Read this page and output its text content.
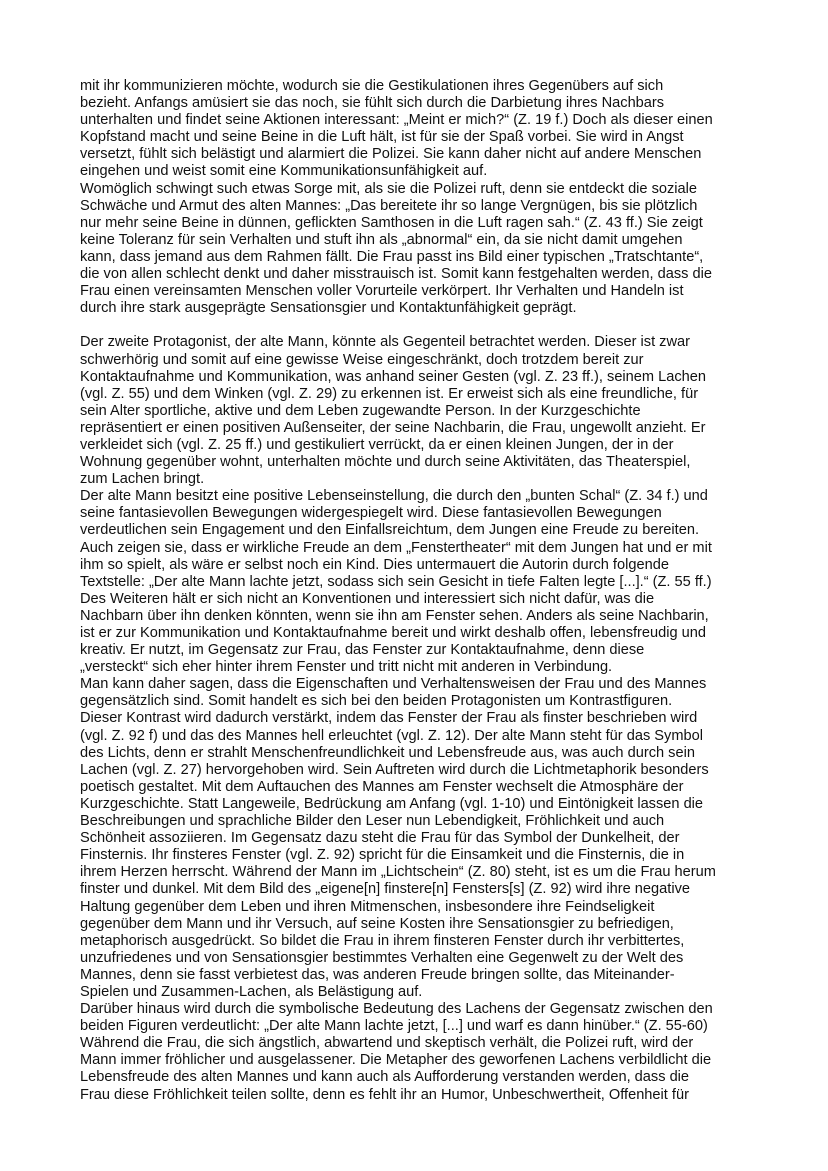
mit ihr kommunizieren möchte, wodurch sie die Gestikulationen ihres Gegenübers auf sich
bezieht. Anfangs amüsiert sie das noch, sie fühlt sich durch die Darbietung ihres Nachbars
unterhalten und findet seine Aktionen interessant: „Meint er mich?“ (Z. 19 f.) Doch als dieser einen
Kopfstand macht und seine Beine in die Luft hält, ist für sie der Spaß vorbei. Sie wird in Angst
versetzt, fühlt sich belästigt und alarmiert die Polizei. Sie kann daher nicht auf andere Menschen
eingehen und weist somit eine Kommunikationsunfähigkeit auf.

Womöglich schwingt such etwas Sorge mit, als sie die Polizei ruft, denn sie entdeckt die soziale
Schwäche und Armut des alten Mannes: „Das bereitete ihr so lange Vergnügen, bis sie plötzlich
nur mehr seine Beine in dünnen, geflickten Samthosen in die Luft ragen sah.“ (Z. 43 ff.) Sie zeigt
keine Toleranz für sein Verhalten und stuft ihn als „abnormal“ ein, da sie nicht damit umgehen
kann, dass jemand aus dem Rahmen fällt. Die Frau passt ins Bild einer typischen „Tratschtante“,
die von allen schlecht denkt und daher misstrauisch ist. Somit kann festgehalten werden, dass die
Frau einen vereinsamten Menschen voller Vorurteile verkörpert. Ihr Verhalten und Handeln ist
durch ihre stark ausgeprägte Sensationsgier und Kontaktunfähigkeit geprägt.

Der zweite Protagonist, der alte Mann, könnte als Gegenteil betrachtet werden. Dieser ist zwar
schwerhörig und somit auf eine gewisse Weise eingeschränkt, doch trotzdem bereit zur
Kontaktaufnahme und Kommunikation, was anhand seiner Gesten (vgl. Z. 23 ff.), seinem Lachen
(vgl. Z. 55) und dem Winken (vgl. Z. 29) zu erkennen ist. Er erweist sich als eine freundliche, für
sein Alter sportliche, aktive und dem Leben zugewandte Person. In der Kurzgeschichte
repräsentiert er einen positiven Außenseiter, der seine Nachbarin, die Frau, ungewollt anzieht. Er
verkleidet sich (vgl. Z. 25 ff.) und gestikuliert verrückt, da er einen kleinen Jungen, der in der
Wohnung gegenüber wohnt, unterhalten möchte und durch seine Aktivitäten, das Theaterspiel,
zum Lachen bringt.

Der alte Mann besitzt eine positive Lebenseinstellung, die durch den „bunten Schal“ (Z. 34 f.) und
seine fantasievollen Bewegungen widergespiegelt wird. Diese fantasievollen Bewegungen
verdeutlichen sein Engagement und den Einfallsreichtum, dem Jungen eine Freude zu bereiten.
Auch zeigen sie, dass er wirkliche Freude an dem „Fenstertheater“ mit dem Jungen hat und er mit
ihm so spielt, als wäre er selbst noch ein Kind. Dies untermauert die Autorin durch folgende
Textstelle: „Der alte Mann lachte jetzt, sodass sich sein Gesicht in tiefe Falten legte [...].“ (Z. 55 ff.)
Des Weiteren hält er sich nicht an Konventionen und interessiert sich nicht dafür, was die
Nachbarn über ihn denken könnten, wenn sie ihn am Fenster sehen. Anders als seine Nachbarin,
ist er zur Kommunikation und Kontaktaufnahme bereit und wirkt deshalb offen, lebensfreudig und
kreativ. Er nutzt, im Gegensatz zur Frau, das Fenster zur Kontaktaufnahme, denn diese
„versteckt“ sich eher hinter ihrem Fenster und tritt nicht mit anderen in Verbindung.

Man kann daher sagen, dass die Eigenschaften und Verhaltensweisen der Frau und des Mannes
gegensätzlich sind. Somit handelt es sich bei den beiden Protagonisten um Kontrastfiguren.
Dieser Kontrast wird dadurch verstärkt, indem das Fenster der Frau als finster beschrieben wird
(vgl. Z. 92 f) und das des Mannes hell erleuchtet (vgl. Z. 12). Der alte Mann steht für das Symbol
des Lichts, denn er strahlt Menschenfreundlichkeit und Lebensfreude aus, was auch durch sein
Lachen (vgl. Z. 27) hervorgehoben wird. Sein Auftreten wird durch die Lichtmetaphorik besonders
poetisch gestaltet. Mit dem Auftauchen des Mannes am Fenster wechselt die Atmosphäre der
Kurzgeschichte. Statt Langeweile, Bedrückung am Anfang (vgl. 1-10) und Eintönigkeit lassen die
Beschreibungen und sprachliche Bilder den Leser nun Lebendigkeit, Fröhlichkeit und auch
Schönheit assoziieren. Im Gegensatz dazu steht die Frau für das Symbol der Dunkelheit, der
Finsternis. Ihr finsteres Fenster (vgl. Z. 92) spricht für die Einsamkeit und die Finsternis, die in
ihrem Herzen herrscht. Während der Mann im „Lichtschein“ (Z. 80) steht, ist es um die Frau herum
finster und dunkel. Mit dem Bild des „eigene[n] finstere[n] Fensters[s] (Z. 92) wird ihre negative
Haltung gegenüber dem Leben und ihren Mitmenschen, insbesondere ihre Feindseligkeit
gegenüber dem Mann und ihr Versuch, auf seine Kosten ihre Sensationsgier zu befriedigen,
metaphorisch ausgedrückt. So bildet die Frau in ihrem finsteren Fenster durch ihr verbittertes,
unzufriedenes und von Sensationsgier bestimmtes Verhalten eine Gegenwelt zu der Welt des
Mannes, denn sie fasst verbietest das, was anderen Freude bringen sollte, das Miteinander-
Spielen und Zusammen-Lachen, als Belästigung auf.

Darüber hinaus wird durch die symbolische Bedeutung des Lachens der Gegensatz zwischen den
beiden Figuren verdeutlicht: „Der alte Mann lachte jetzt, [...] und warf es dann hinüber.“ (Z. 55-60)
Während die Frau, die sich ängstlich, abwartend und skeptisch verhält, die Polizei ruft, wird der
Mann immer fröhlicher und ausgelassener. Die Metapher des geworfenen Lachens verbildlicht die
Lebensfreude des alten Mannes und kann auch als Aufforderung verstanden werden, dass die
Frau diese Fröhlichkeit teilen sollte, denn es fehlt ihr an Humor, Unbeschwertheit, Offenheit für
